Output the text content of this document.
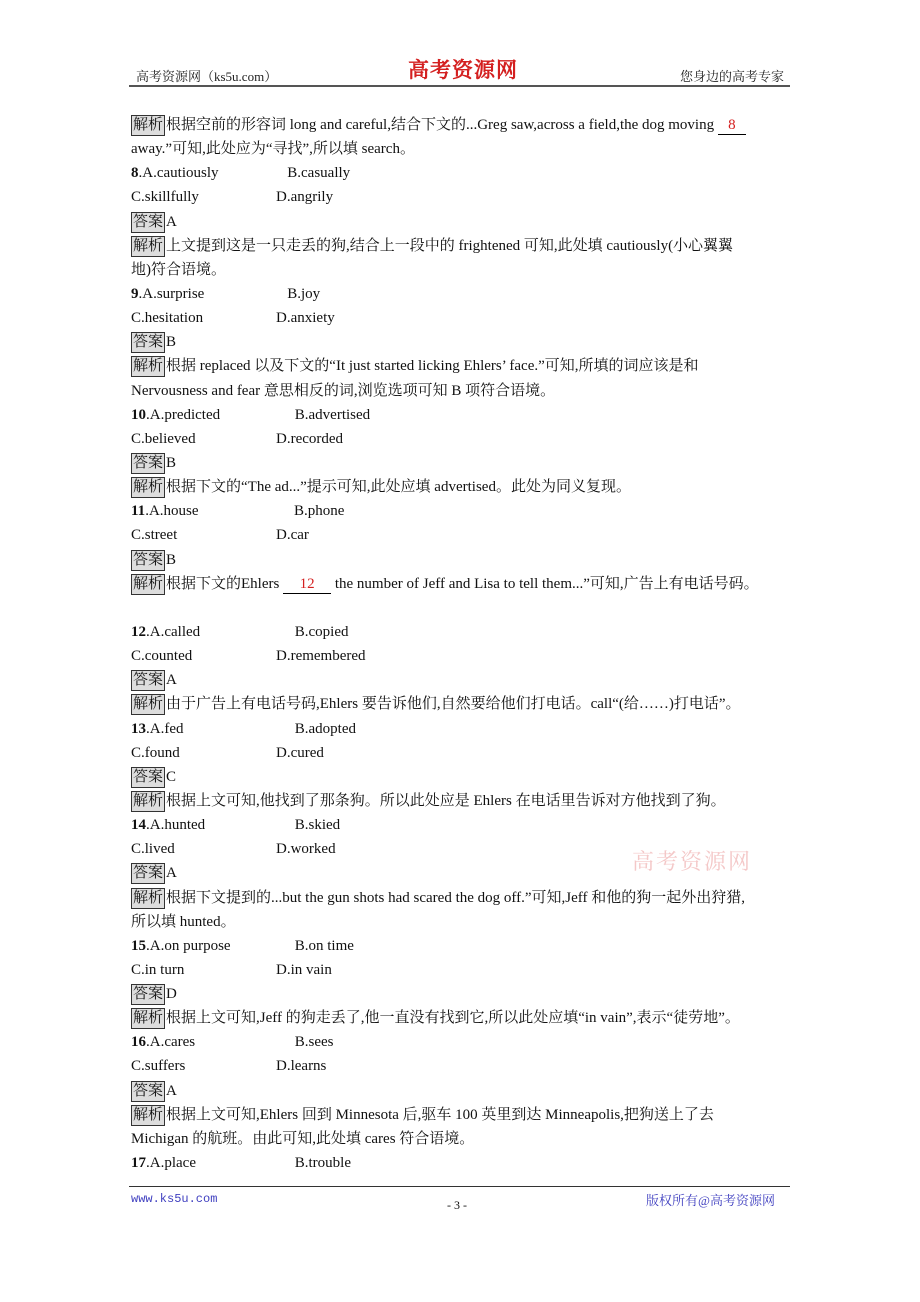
高考资源网（ks5u.com）	高考资源网	您身边的高考专家
解析 根据空前的形容词 long and careful,结合下文的...Greg saw,across a field,the dog moving 8
away.”可知,此处应为“寻找”,所以填 search。
8.A.cautiously	B.casually
C.skillfully	D.angrily
答案 A
解析 上文提到这是一只走丢的狗,结合上一段中的 frightened 可知,此处填 cautiously(小心翼翼
地)符合语境。
9.A.surprise	B.joy
C.hesitation	D.anxiety
答案 B
解析 根据 replaced 以及下文的“It just started licking Ehlers’ face.”可知,所填的词应该是和
Nervousness and fear 意思相反的词,浏览选项可知 B 项符合语境。
10.A.predicted	B.advertised
C.believed	D.recorded
答案 B
解析 根据下文的“The ad...”提示可知,此处应填 advertised。此处为同义复现。
11.A.house	B.phone
C.street	D.car
答案 B
解析 根据下文的Ehlers 12 the number of Jeff and Lisa to tell them...”可知,广告上有电话号码。
12.A.called	B.copied
C.counted	D.remembered
答案 A
解析 由于广告上有电话号码,Ehlers 要告诉他们,自然要给他们打电话。call“(给……)打电话”。
13.A.fed	B.adopted
C.found	D.cured
答案 C
解析 根据上文可知,他找到了那条狗。所以此处应是 Ehlers 在电话里告诉对方他找到了狗。
14.A.hunted	B.skied
C.lived	D.worked
答案 A
解析 根据下文提到的...but the gun shots had scared the dog off.”可知,Jeff 和他的狗一起外出狩猎,
所以填 hunted。
15.A.on purpose	B.on time
C.in turn	D.in vain
答案 D
解析 根据上文可知,Jeff 的狗走丢了,他一直没有找到它,所以此处应填“in vain”,表示“徒劳地”。
16.A.cares	B.sees
C.suffers	D.learns
答案 A
解析 根据上文可知,Ehlers 回到 Minnesota 后,驱车 100 英里到达 Minneapolis,把狗送上了去
Michigan 的航班。由此可知,此处填 cares 符合语境。
17.A.place	B.trouble
高考资源网
www.ks5u.com	- 3 -	版权所有@高考资源网
